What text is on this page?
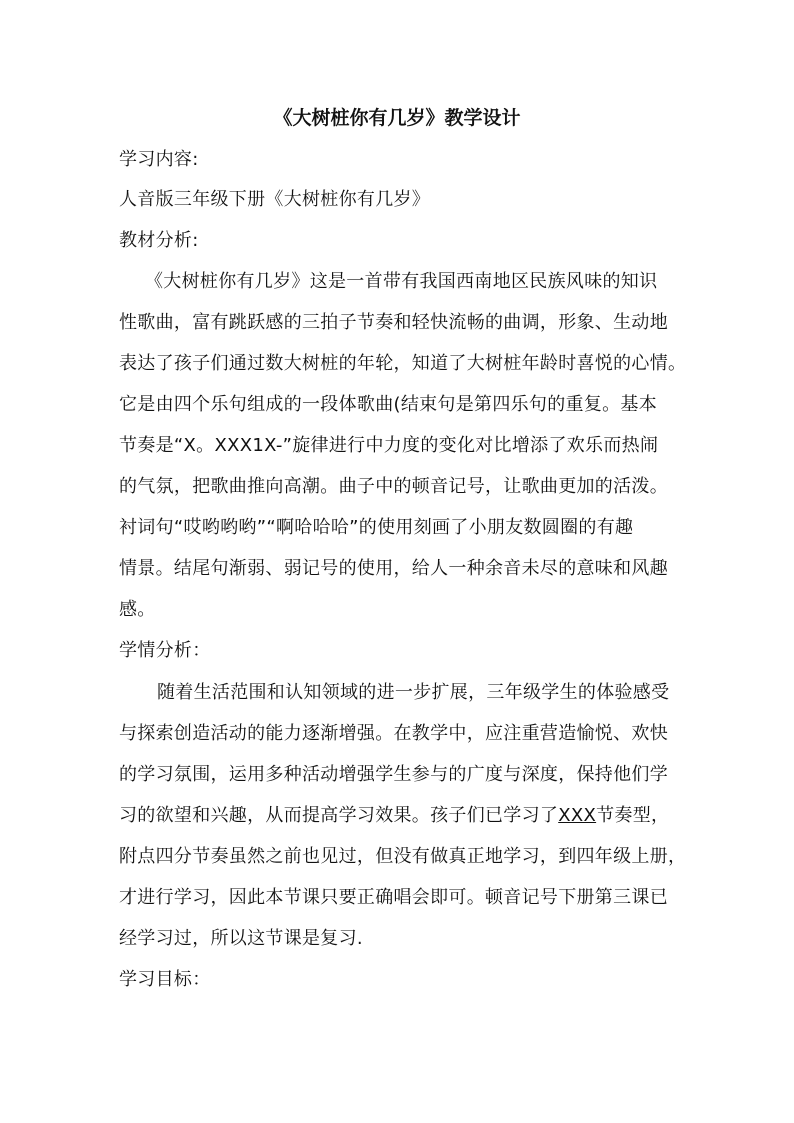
《大树桩你有几岁》教学设计
学习内容:
人音版三年级下册《大树桩你有几岁》
教材分析:
《大树桩你有几岁》这是一首带有我国西南地区民族风味的知识
性歌曲，富有跳跃感的三拍子节奏和轻快流畅的曲调，形象、生动地
表达了孩子们通过数大树桩的年轮，知道了大树桩年龄时喜悦的心情。
它是由四个乐句组成的一段体歌曲(结束句是第四乐句的重复。基本
节奏是“X。XXX1X-”旋律进行中力度的变化对比增添了欢乐而热闹
的气氛，把歌曲推向高潮。曲子中的顿音记号，让歌曲更加的活泼。
衬词句“哎哟哟哟”“啊哈哈哈”的使用刻画了小朋友数圆圈的有趣
情景。结尾句渐弱、弱记号的使用，给人一种余音未尽的意味和风趣
感。
学情分析：
随着生活范围和认知领域的进一步扩展，三年级学生的体验感受
与探索创造活动的能力逐渐增强。在教学中，应注重营造愉悦、欢快
的学习氛围，运用多种活动增强学生参与的广度与深度，保持他们学
习的欲望和兴趣，从而提高学习效果。孩子们已学习了XXX节奏型，
附点四分节奏虽然之前也见过，但没有做真正地学习，到四年级上册，
才进行学习，因此本节课只要正确唱会即可。顿音记号下册第三课已
经学习过，所以这节课是复习.
学习目标：
